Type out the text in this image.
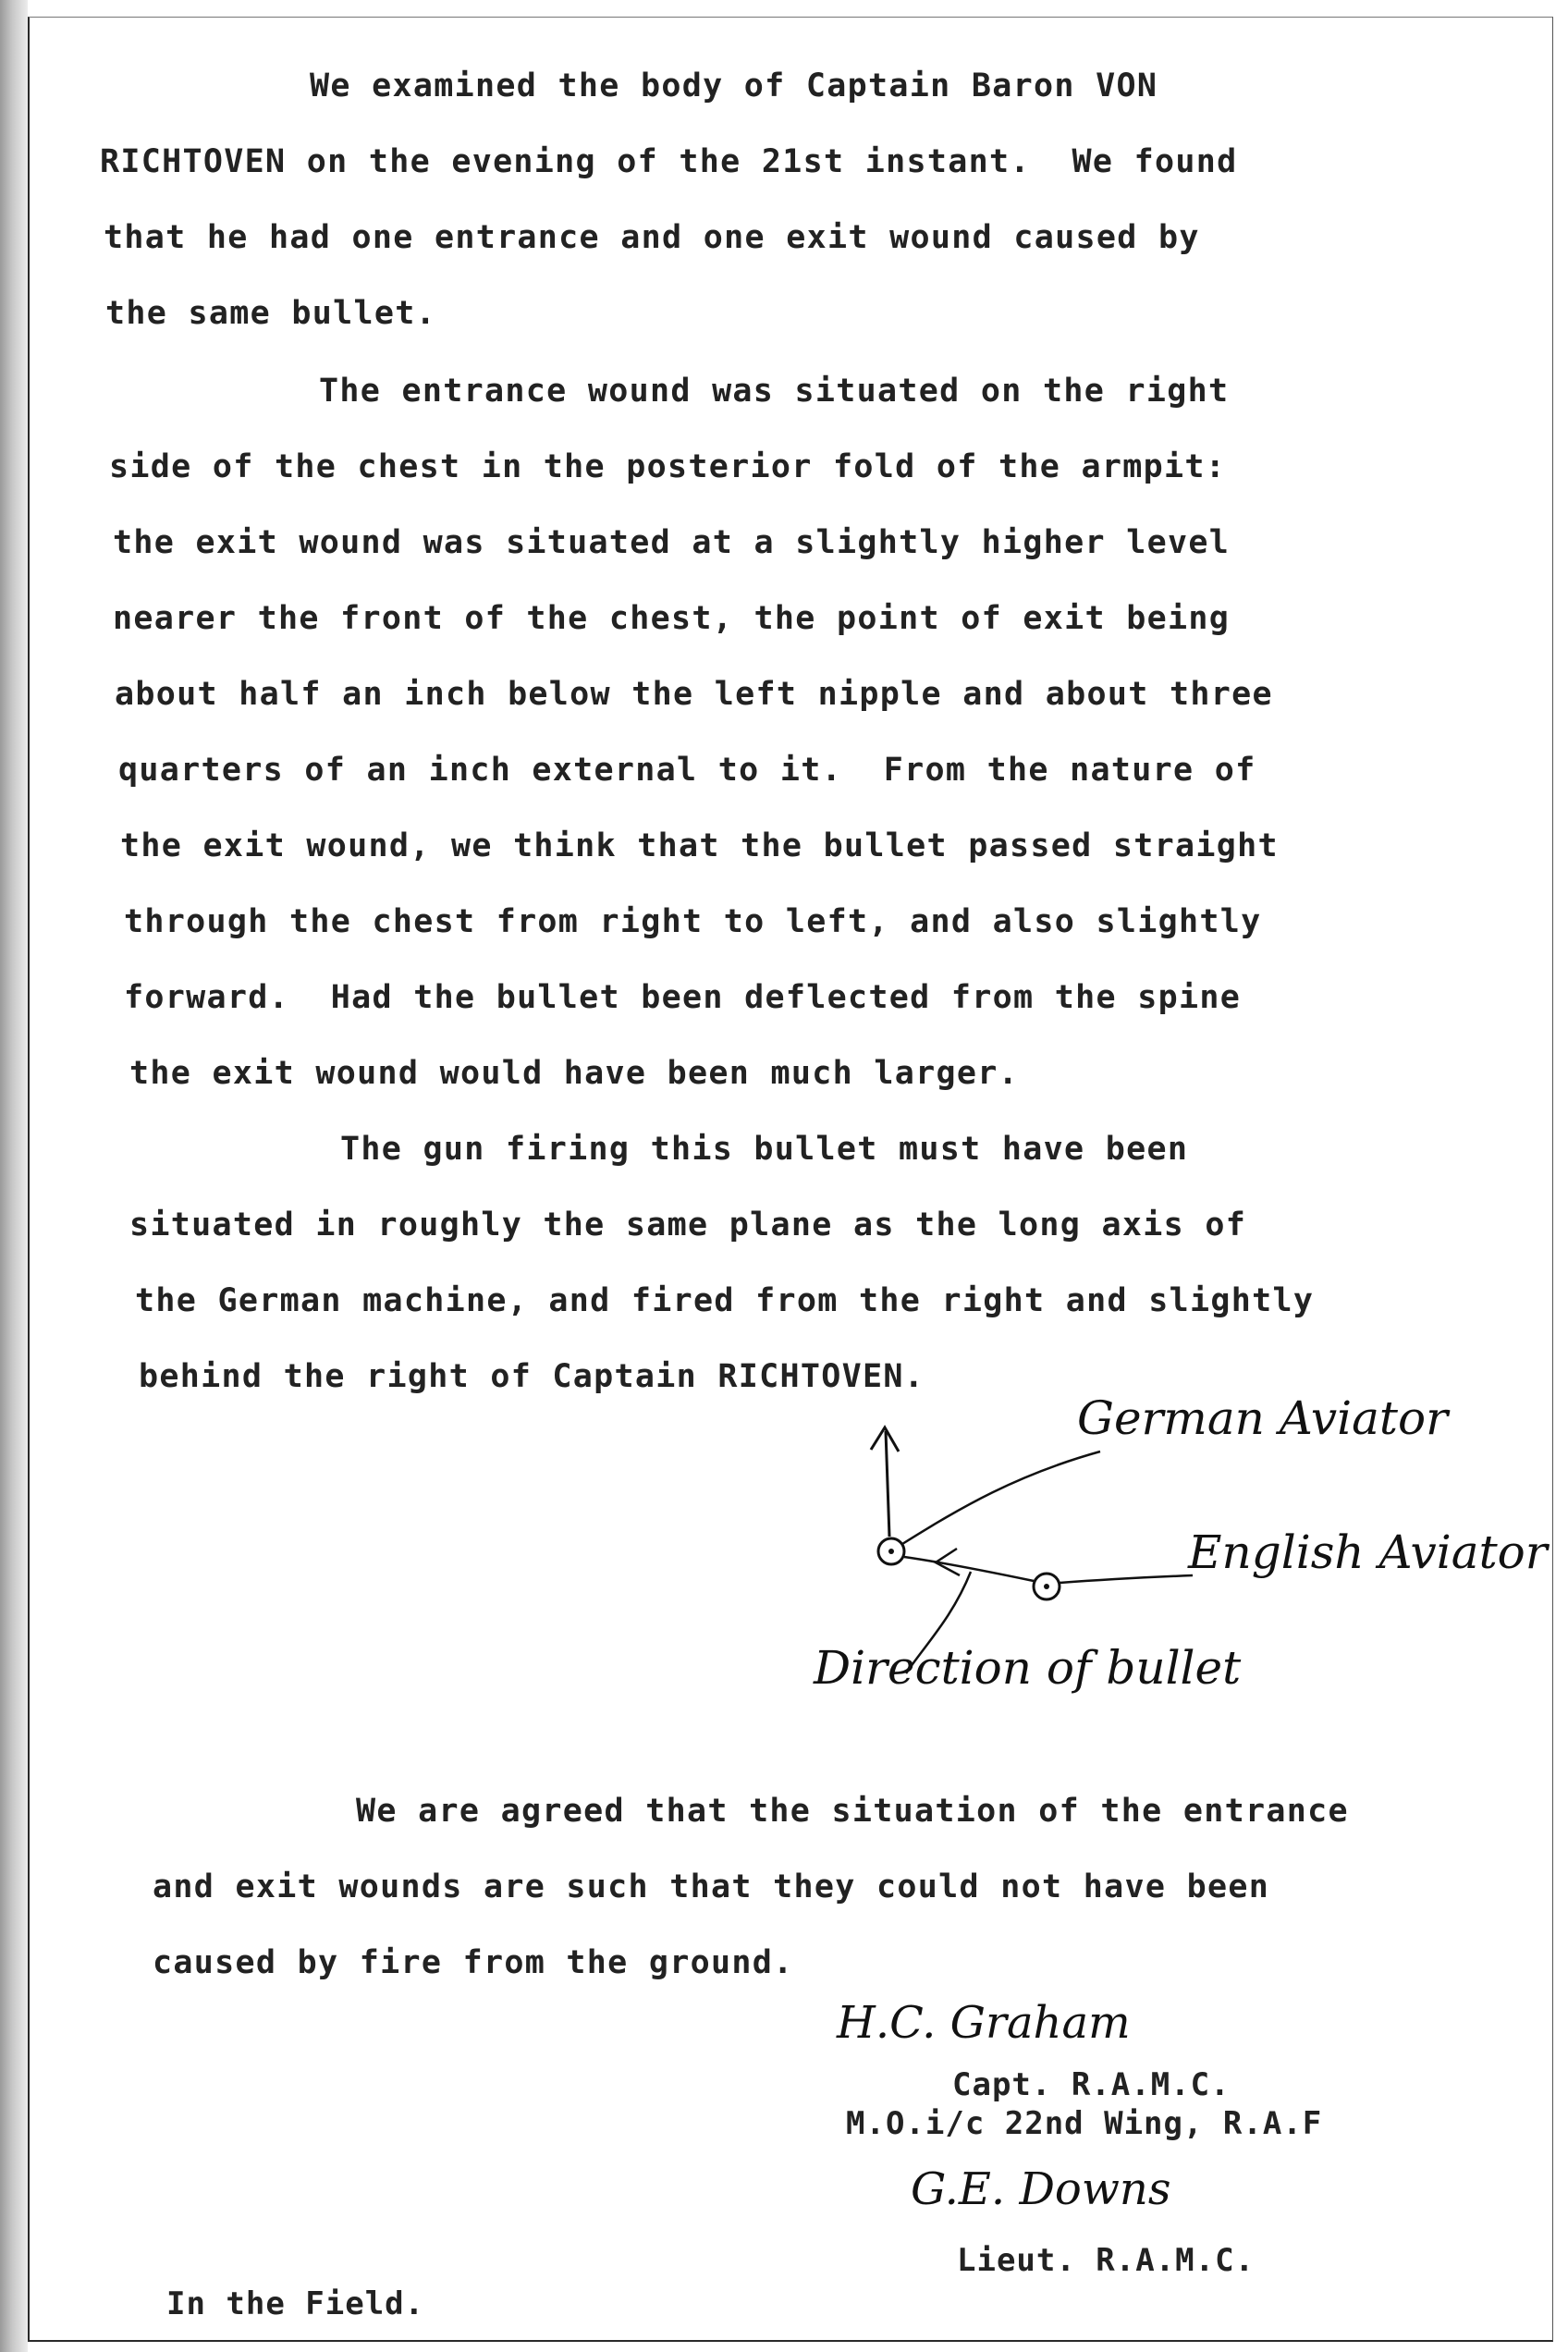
We examined the body of Captain Baron VON
RICHTOVEN on the evening of the 21st instant.  We found
that he had one entrance and one exit wound caused by
the same bullet.
The entrance wound was situated on the right
side of the chest in the posterior fold of the armpit:
the exit wound was situated at a slightly higher level
nearer the front of the chest, the point of exit being
about half an inch below the left nipple and about three
quarters of an inch external to it.  From the nature of
the exit wound, we think that the bullet passed straight
through the chest from right to left, and also slightly
forward.  Had the bullet been deflected from the spine
the exit wound would have been much larger.
The gun firing this bullet must have been
situated in roughly the same plane as the long axis of
the German machine, and fired from the right and slightly
behind the right of Captain RICHTOVEN.
German Aviator
English Aviator
Direction of bullet
We are agreed that the situation of the entrance
and exit wounds are such that they could not have been
caused by fire from the ground.
H.C. Graham
Capt. R.A.M.C.
M.O.i/c 22nd Wing, R.A.F
G.E. Downs
Lieut. R.A.M.C.
In the Field.
